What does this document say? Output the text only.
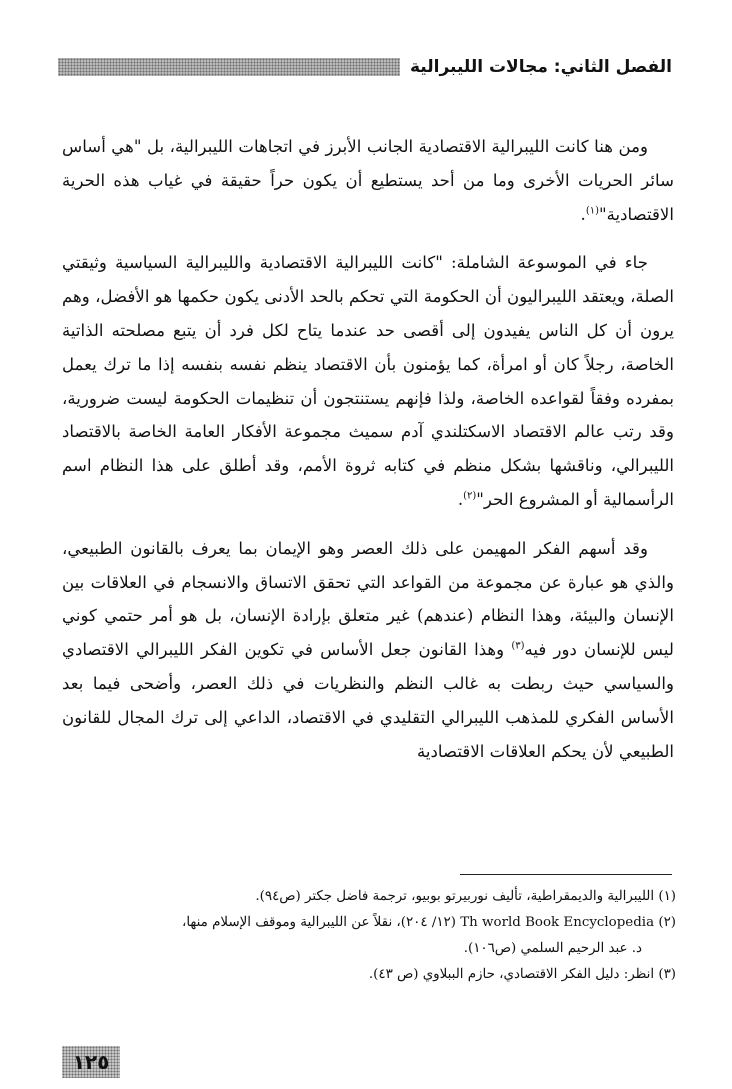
الفصل الثاني: مجالات الليبرالية

ومن هنا كانت الليبرالية الاقتصادية الجانب الأبرز في اتجاهات الليبرالية، بل "هي أساس سائر الحريات الأخرى وما من أحد يستطيع أن يكون حراً حقيقة في غياب هذه الحرية الاقتصادية"$^{(١)}$.

جاء في الموسوعة الشاملة: "كانت الليبرالية الاقتصادية والليبرالية السياسية وثيقتي الصلة، ويعتقد الليبراليون أن الحكومة التي تحكم بالحد الأدنى يكون حكمها هو الأفضل، وهم يرون أن كل الناس يفيدون إلى أقصى حد عندما يتاح لكل فرد أن يتبع مصلحته الذاتية الخاصة، رجلاً كان أو امرأة، كما يؤمنون بأن الاقتصاد ينظم نفسه بنفسه إذا ما ترك يعمل بمفرده وفقاً لقواعده الخاصة، ولذا فإنهم يستنتجون أن تنظيمات الحكومة ليست ضرورية، وقد رتب عالم الاقتصاد الاسكتلندي آدم سميث مجموعة الأفكار العامة الخاصة بالاقتصاد الليبرالي، وناقشها بشكل منظم في كتابه ثروة الأمم، وقد أطلق على هذا النظام اسم الرأسمالية أو المشروع الحر"$^{(٢)}$.

وقد أسهم الفكر المهيمن على ذلك العصر وهو الإيمان بما يعرف بالقانون الطبيعي، والذي هو عبارة عن مجموعة من القواعد التي تحقق الاتساق والانسجام في العلاقات بين الإنسان والبيئة، وهذا النظام (عندهم) غير متعلق بإرادة الإنسان، بل هو أمر حتمي كوني ليس للإنسان دور فيه$^{(٣)}$ وهذا القانون جعل الأساس في تكوين الفكر الليبرالي الاقتصادي والسياسي حيث ربطت به غالب النظم والنظريات في ذلك العصر، وأضحى فيما بعد الأساس الفكري للمذهب الليبرالي التقليدي في الاقتصاد، الداعي إلى ترك المجال للقانون الطبيعي لأن يحكم العلاقات الاقتصادية

(١) الليبرالية والديمقراطية، تأليف نوربيرتو بوبيو، ترجمة فاضل جكتر (ص٩٤).

(٢) Th world Book Encyclopedia (١٢/ ٢٠٤)، نقلاً عن الليبرالية وموقف الإسلام منها،

د. عبد الرحيم السلمي (ص١٠٦).

(٣) انظر: دليل الفكر الاقتصادي، حازم الببلاوي (ص ٤٣).

١٢٥
